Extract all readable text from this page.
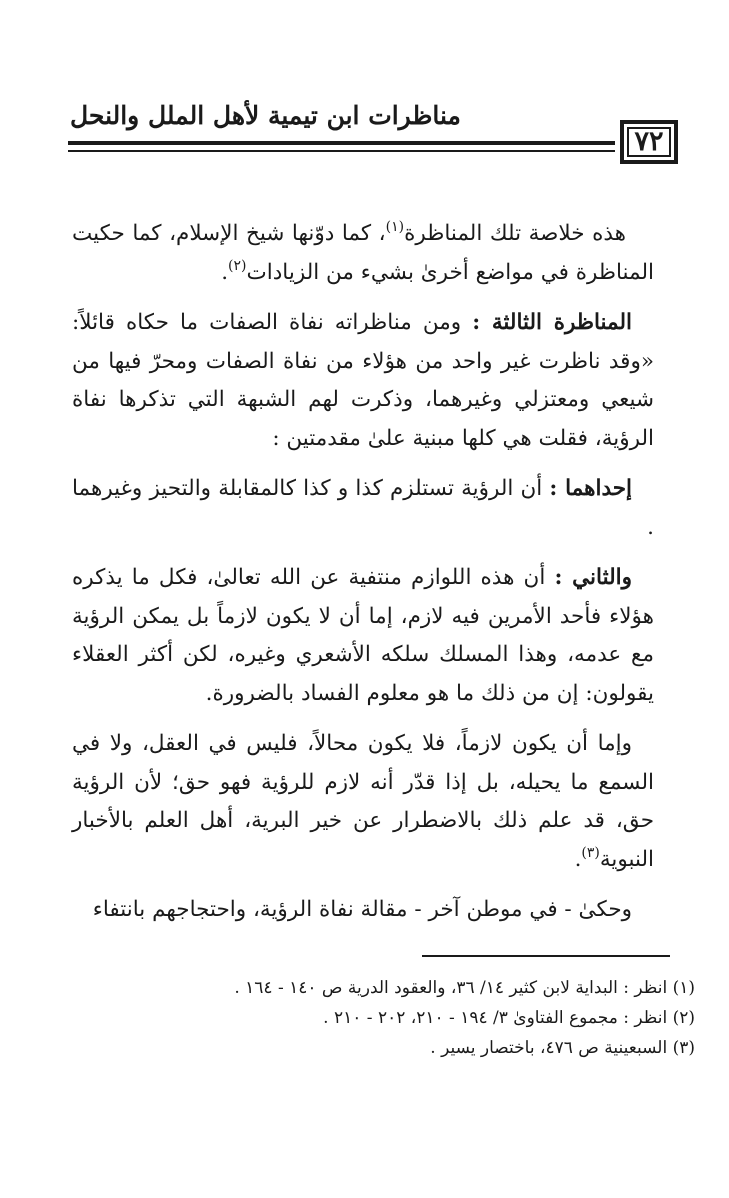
مناظرات ابن تيمية لأهل الملل والنحل
٧٢

هذه خلاصة تلك المناظرة$^{(١)}$، كما دوّنها شيخ الإسلام، كما حكيت المناظرة في مواضع أخرىٰ بشيء من الزيادات$^{(٢)}$.

المناظرة الثالثة : ومن مناظراته نفاة الصفات ما حكاه قائلاً: «وقد ناظرت غير واحد من هؤلاء من نفاة الصفات ومحرّ فيها من شيعي ومعتزلي وغيرهما، وذكرت لهم الشبهة التي تذكرها نفاة الرؤية، فقلت هي كلها مبنية علىٰ مقدمتين :

إحداهما : أن الرؤية تستلزم كذا و كذا كالمقابلة والتحيز وغيرهما .

والثاني : أن هذه اللوازم منتفية عن الله تعالىٰ، فكل ما يذكره هؤلاء فأحد الأمرين فيه لازم، إما أن لا يكون لازماً بل يمكن الرؤية مع عدمه، وهذا المسلك سلكه الأشعري وغيره، لكن أكثر العقلاء يقولون: إن من ذلك ما هو معلوم الفساد بالضرورة.

وإما أن يكون لازماً، فلا يكون محالاً، فليس في العقل، ولا في السمع ما يحيله، بل إذا قدّر أنه لازم للرؤية فهو حق؛ لأن الرؤية حق، قد علم ذلك بالاضطرار عن خير البرية، أهل العلم بالأخبار النبوية$^{(٣)}$.

وحكىٰ - في موطن آخر - مقالة نفاة الرؤية، واحتجاجهم بانتفاء

(١) انظر : البداية لابن كثير ١٤/ ٣٦، والعقود الدرية ص ١٤٠ - ١٦٤ .
(٢) انظر : مجموع الفتاوىٰ ٣/ ١٩٤ - ٢١٠، ٢٠٢ - ٢١٠ .
(٣) السبعينية ص ٤٧٦، باختصار يسير .
